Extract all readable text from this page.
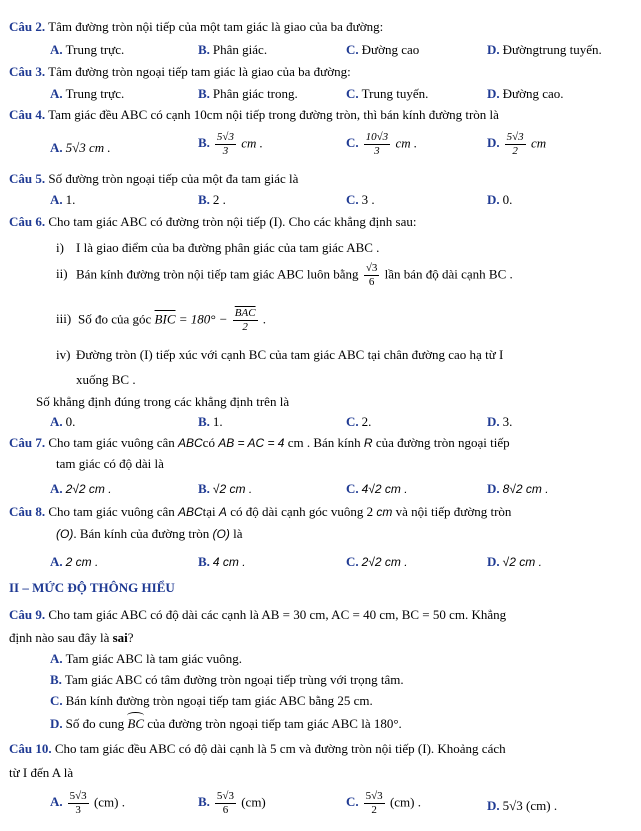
Câu 2. Tâm đường tròn nội tiếp của một tam giác là giao của ba đường:
A. Trung trực.	B. Phân giác.	C. Đường cao	D. Đườngtrung tuyến.
Câu 3. Tâm đường tròn ngoại tiếp tam giác là giao của ba đường:
A. Trung trực.	B. Phân giác trong.	C. Trung tuyến.	D. Đường cao.
Câu 4. Tam giác đều ABC có cạnh 10cm nội tiếp trong đường tròn, thì bán kính đường tròn là
A. 5√3 cm .	B. $\frac{5√3}{3}$ cm .	C. $\frac{10√3}{3}$ cm .	D. $\frac{5√3}{2}$ cm
Câu 5. Số đường tròn ngoại tiếp của một đa tam giác là
A. 1.	B. 2 .	C. 3 .	D. 0.
Câu 6. Cho tam giác ABC có đường tròn nội tiếp (I). Cho các khẳng định sau:
i) I là giao điểm của ba đường phân giác của tam giác ABC .
ii) Bán kính đường tròn nội tiếp tam giác ABC luôn bằng $\frac{√3}{6}$ lần bán độ dài cạnh BC .
iii) Số đo của góc $\overline{BIC} = 180^\circ - \frac{\overline{BAC}}{2}$ .
iv) Đường tròn (I) tiếp xúc với cạnh BC của tam giác ABC tại chân đường cao hạ từ I
xuống BC .
Số khẳng định đúng trong các khẳng định trên là
A. 0.	B. 1.	C. 2.	D. 3.
Câu 7. Cho tam giác vuông cân ABCcó AB = AC = 4 cm . Bán kính R của đường tròn ngoại tiếp
tam giác có độ dài là
A. 2√2 cm .	B. √2 cm .	C. 4√2 cm .	D. 8√2 cm .
Câu 8. Cho tam giác vuông cân ABCtại A có độ dài cạnh góc vuông 2 cm và nội tiếp đường tròn
(O). Bán kính của đường tròn (O) là
A. 2 cm .	B. 4 cm .	C. 2√2 cm .	D. √2 cm .
II – MỨC ĐỘ THÔNG HIỂU
Câu 9. Cho tam giác ABC có độ dài các cạnh là AB = 30 cm, AC = 40 cm, BC = 50 cm. Khẳng
định nào sau đây là sai?
A. Tam giác ABC là tam giác vuông.
B. Tam giác ABC có tâm đường tròn ngoại tiếp trùng với trọng tâm.
C. Bán kính đường tròn ngoại tiếp tam giác ABC bằng 25 cm.
D. Số đo cung BC của đường tròn ngoại tiếp tam giác ABC là 180°.
Câu 10. Cho tam giác đều ABC có độ dài cạnh là 5 cm và đường tròn nội tiếp (I). Khoảng cách
từ I đến A là
A. $\frac{5√3}{3} (cm)$ .	B. $\frac{5√3}{6} (cm)$	C. $\frac{5√3}{2} (cm)$ .	D. 5√3 (cm) .
